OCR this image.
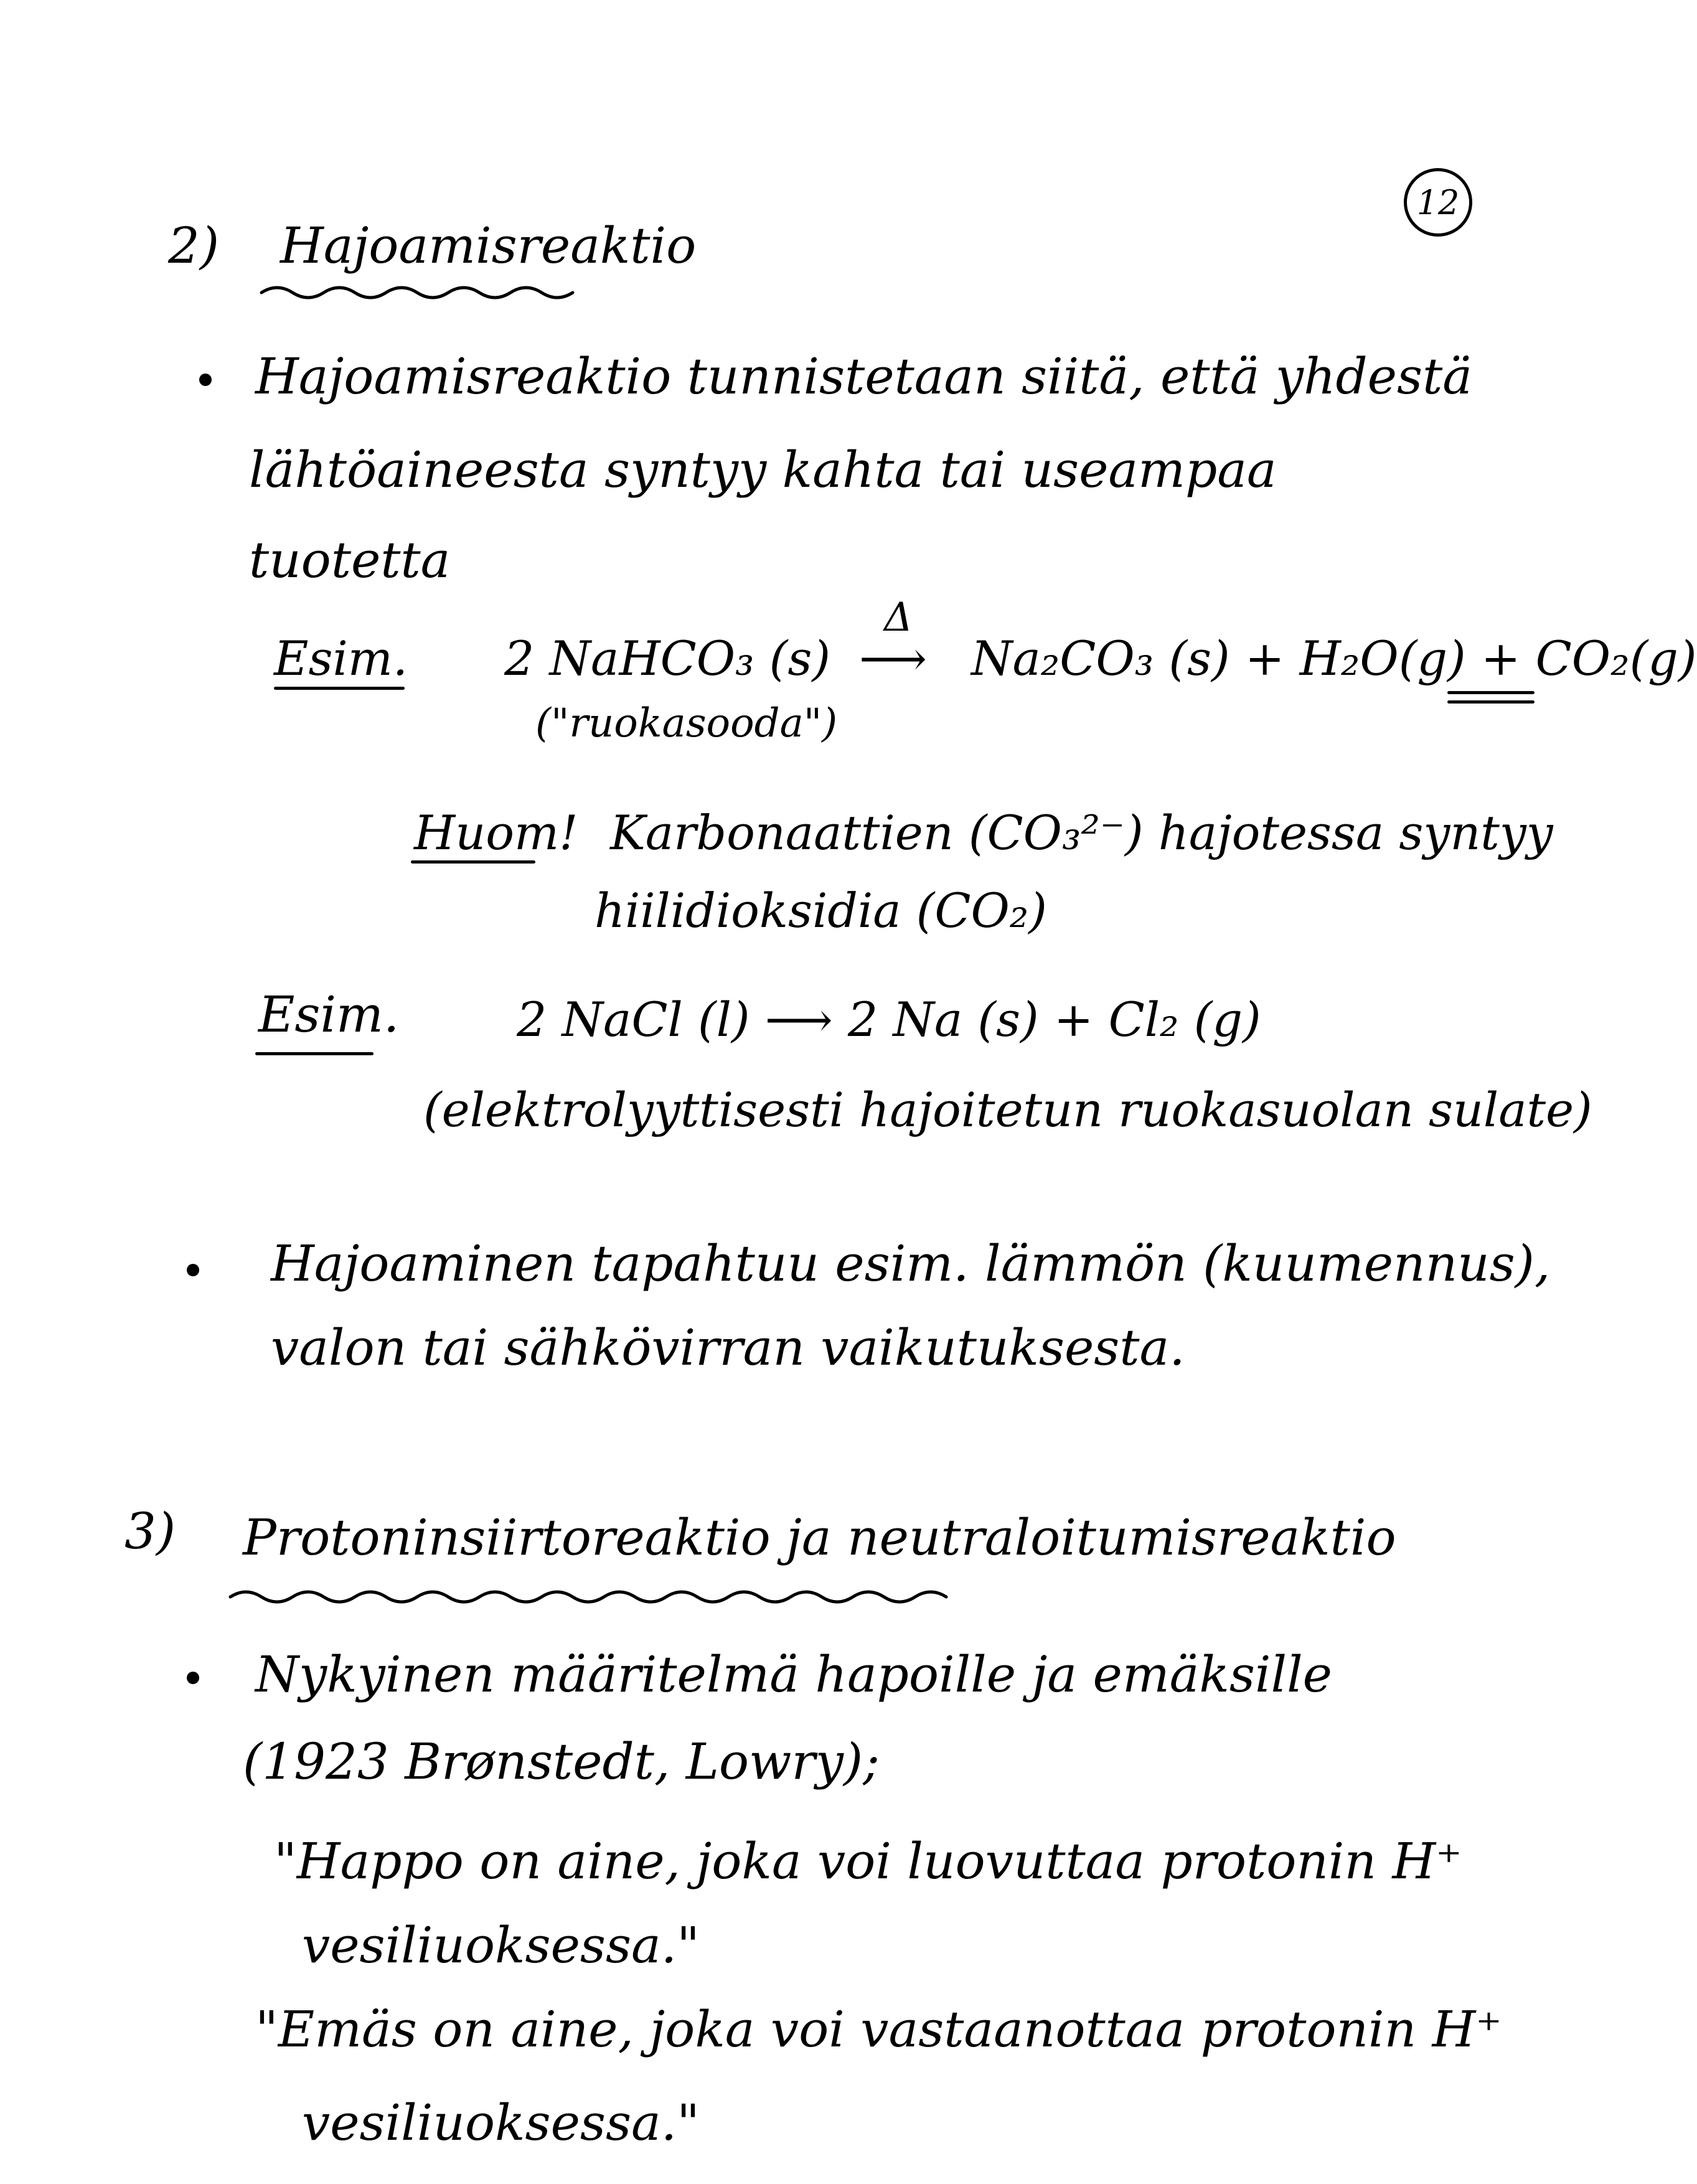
12
2) Hajoamisreaktio
Hajoamisreaktio tunnistetaan siitä, että yhdestä
lähtöaineesta syntyy kahta tai useampaa
tuotetta
Esim. 2 NaHCO₃ (s)
Δ
⟶ Na₂CO₃ (s) + H₂O(g) + CO₂(g)
("ruokasooda")
Huom! Karbonaattien (CO₃²⁻) hajotessa syntyy
hiilidioksidia (CO₂)
Esim. 2 NaCl (l) ⟶ 2 Na (s) + Cl₂ (g)
(elektrolyyttisesti hajoitetun ruokasuolan sulate)
Hajoaminen tapahtuu esim. lämmön (kuumennus),
valon tai sähkövirran vaikutuksesta.
3) Protoninsiirtoreaktio ja neutraloitumisreaktio
Nykyinen määritelmä hapoille ja emäksille
(1923 Brønstedt, Lowry);
"Happo on aine, joka voi luovuttaa protonin H⁺
vesiliuoksessa."
"Emäs on aine, joka voi vastaanottaa protonin H⁺
vesiliuoksessa."
